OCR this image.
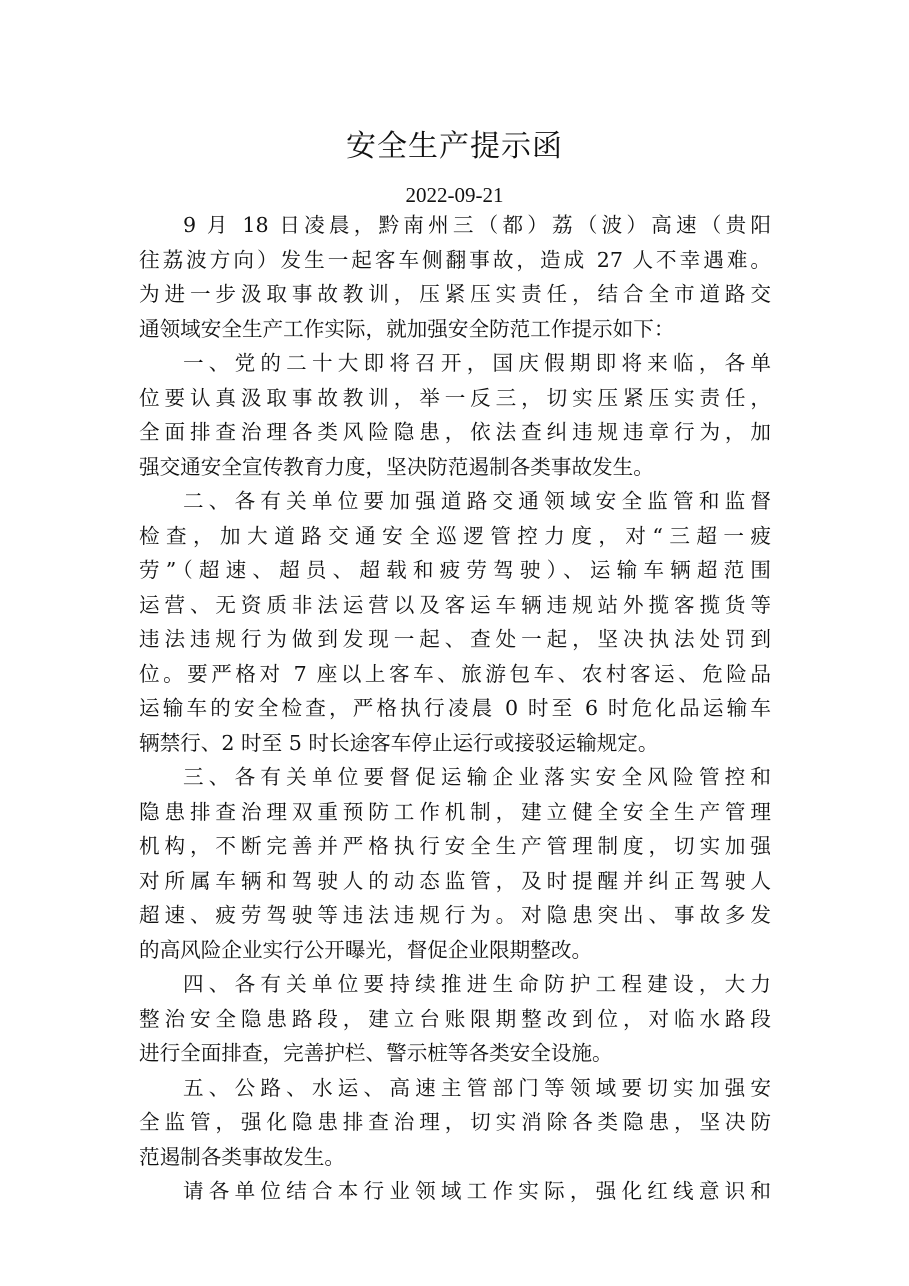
安全生产提示函
2022-09-21
9 月 18 日凌晨，黔南州三（都）荔（波）高速（贵阳
往荔波方向）发生一起客车侧翻事故，造成 27 人不幸遇难。
为进一步汲取事故教训，压紧压实责任，结合全市道路交
通领域安全生产工作实际，就加强安全防范工作提示如下：
一、党的二十大即将召开，国庆假期即将来临，各单
位要认真汲取事故教训，举一反三，切实压紧压实责任，
全面排查治理各类风险隐患，依法查纠违规违章行为，加
强交通安全宣传教育力度，坚决防范遏制各类事故发生。
二、各有关单位要加强道路交通领域安全监管和监督
检查，加大道路交通安全巡逻管控力度，对“三超一疲
劳”（超速、超员、超载和疲劳驾驶）、运输车辆超范围
运营、无资质非法运营以及客运车辆违规站外揽客揽货等
违法违规行为做到发现一起、查处一起，坚决执法处罚到
位。要严格对 7 座以上客车、旅游包车、农村客运、危险品
运输车的安全检查，严格执行凌晨 0 时至 6 时危化品运输车
辆禁行、2 时至 5 时长途客车停止运行或接驳运输规定。
三、各有关单位要督促运输企业落实安全风险管控和
隐患排查治理双重预防工作机制，建立健全安全生产管理
机构，不断完善并严格执行安全生产管理制度，切实加强
对所属车辆和驾驶人的动态监管，及时提醒并纠正驾驶人
超速、疲劳驾驶等违法违规行为。对隐患突出、事故多发
的高风险企业实行公开曝光，督促企业限期整改。
四、各有关单位要持续推进生命防护工程建设，大力
整治安全隐患路段，建立台账限期整改到位，对临水路段
进行全面排查，完善护栏、警示桩等各类安全设施。
五、公路、水运、高速主管部门等领域要切实加强安
全监管，强化隐患排查治理，切实消除各类隐患，坚决防
范遏制各类事故发生。
请各单位结合本行业领域工作实际，强化红线意识和
